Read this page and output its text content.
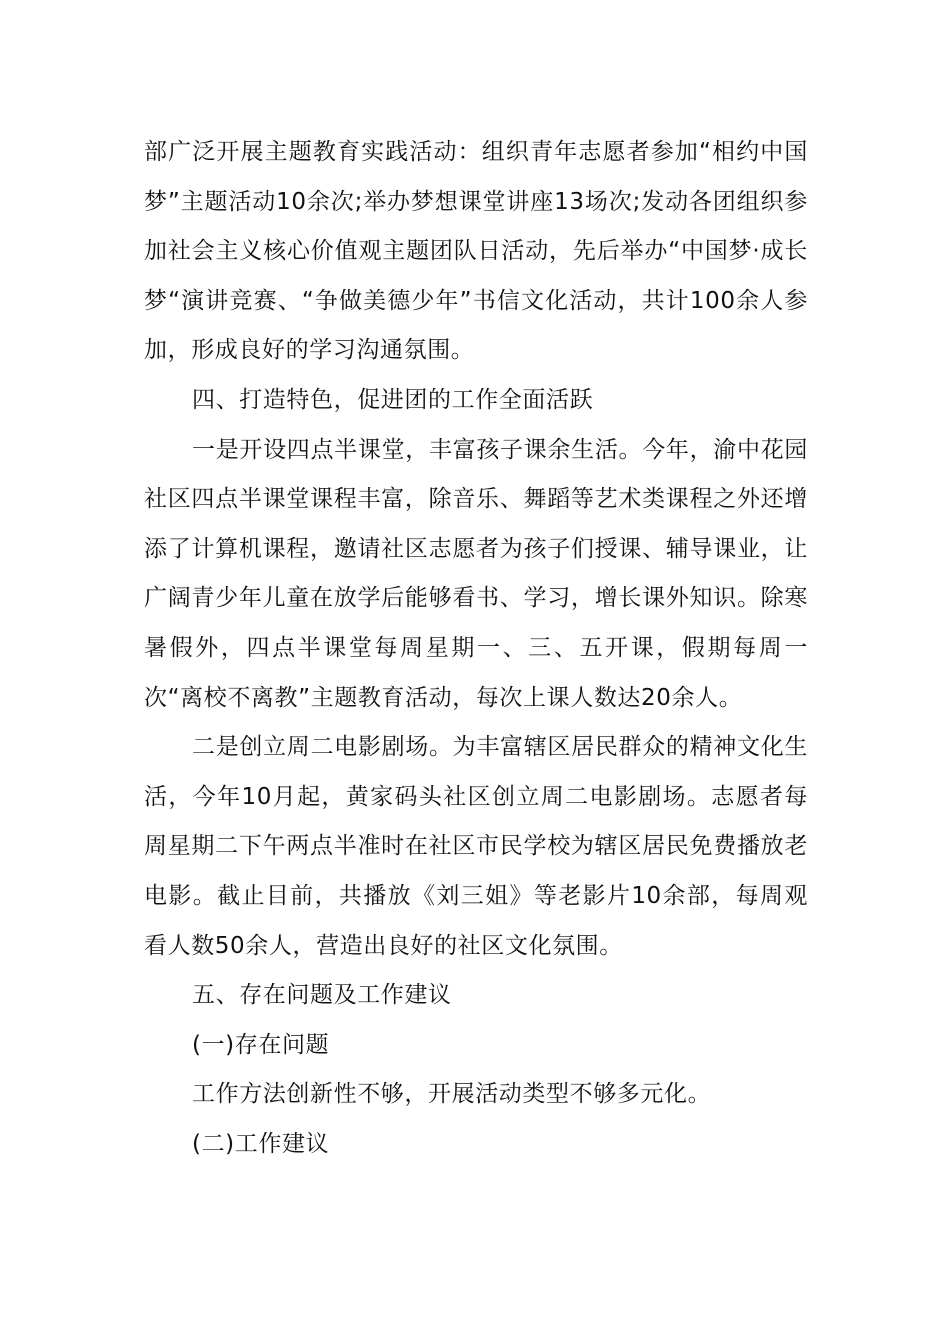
部广泛开展主题教育实践活动：组织青年志愿者参加“相约中国梦”主题活动10余次;举办梦想课堂讲座13场次;发动各团组织参加社会主义核心价值观主题团队日活动，先后举办“中国梦·成长梦“演讲竞赛、“争做美德少年”书信文化活动，共计100余人参加，形成良好的学习沟通氛围。

四、打造特色，促进团的工作全面活跃

一是开设四点半课堂，丰富孩子课余生活。今年，渝中花园社区四点半课堂课程丰富，除音乐、舞蹈等艺术类课程之外还增添了计算机课程，邀请社区志愿者为孩子们授课、辅导课业，让广阔青少年儿童在放学后能够看书、学习，增长课外知识。除寒暑假外，四点半课堂每周星期一、三、五开课，假期每周一次“离校不离教”主题教育活动，每次上课人数达20余人。

二是创立周二电影剧场。为丰富辖区居民群众的精神文化生活，今年10月起，黄家码头社区创立周二电影剧场。志愿者每周星期二下午两点半准时在社区市民学校为辖区居民免费播放老电影。截止目前，共播放《刘三姐》等老影片10余部，每周观看人数50余人，营造出良好的社区文化氛围。

五、存在问题及工作建议

(一)存在问题

工作方法创新性不够，开展活动类型不够多元化。

(二)工作建议
